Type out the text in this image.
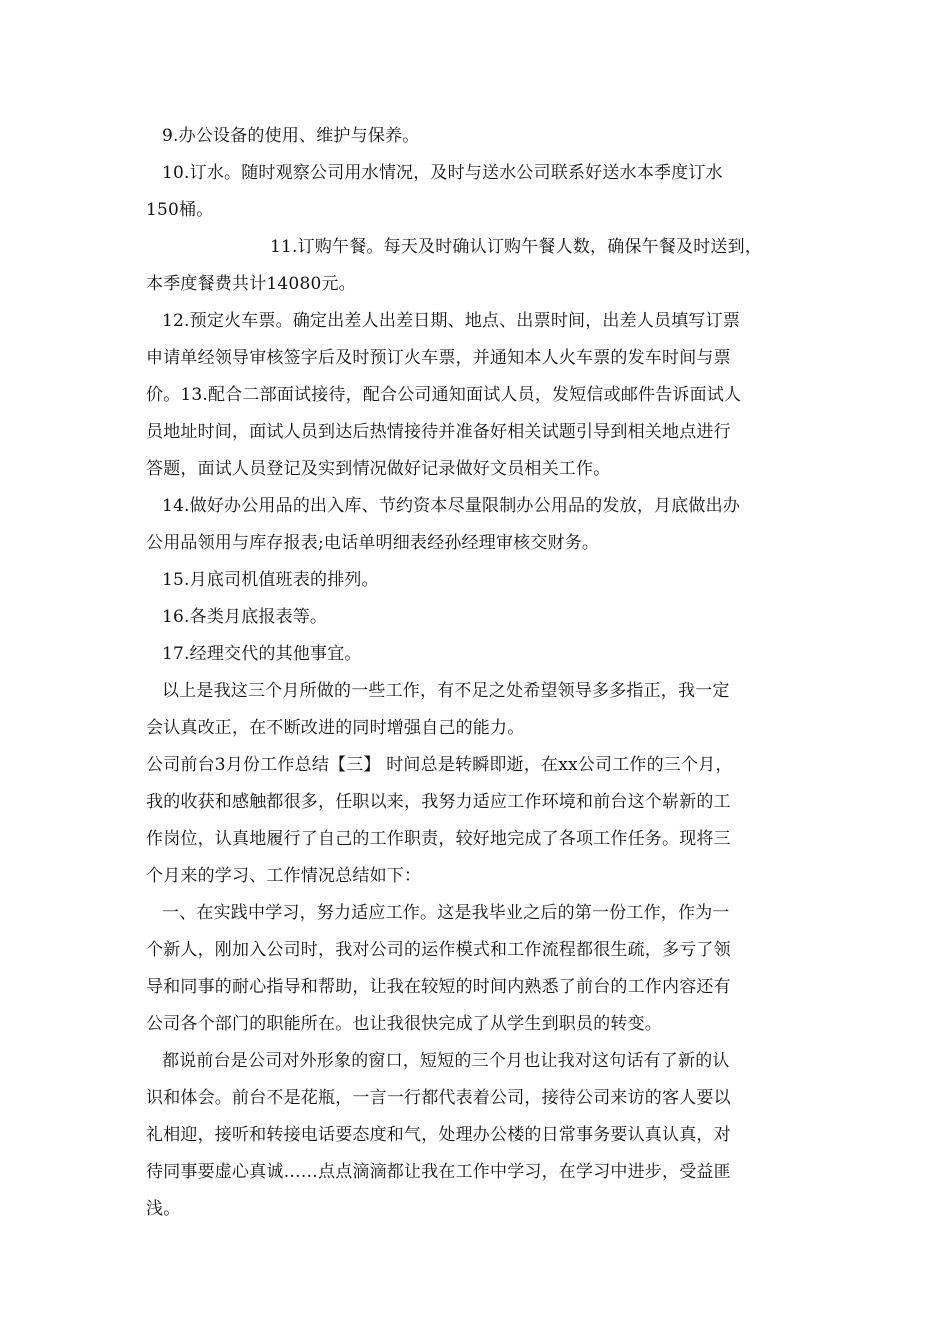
9.办公设备的使用、维护与保养。
10.订水。随时观察公司用水情况，及时与送水公司联系好送水本季度订水
150桶。
11.订购午餐。每天及时确认订购午餐人数，确保午餐及时送到，
本季度餐费共计14080元。
12.预定火车票。确定出差人出差日期、地点、出票时间，出差人员填写订票
申请单经领导审核签字后及时预订火车票，并通知本人火车票的发车时间与票
价。13.配合二部面试接待，配合公司通知面试人员，发短信或邮件告诉面试人
员地址时间，面试人员到达后热情接待并准备好相关试题引导到相关地点进行
答题，面试人员登记及实到情况做好记录做好文员相关工作。
14.做好办公用品的出入库、节约资本尽量限制办公用品的发放，月底做出办
公用品领用与库存报表;电话单明细表经孙经理审核交财务。
15.月底司机值班表的排列。
16.各类月底报表等。
17.经理交代的其他事宜。
以上是我这三个月所做的一些工作，有不足之处希望领导多多指正，我一定
会认真改正，在不断改进的同时增强自己的能力。
公司前台3月份工作总结【三】 时间总是转瞬即逝，在xx公司工作的三个月，
我的收获和感触都很多，任职以来，我努力适应工作环境和前台这个崭新的工
作岗位，认真地履行了自己的工作职责，较好地完成了各项工作任务。现将三
个月来的学习、工作情况总结如下：
一、在实践中学习，努力适应工作。这是我毕业之后的第一份工作，作为一
个新人，刚加入公司时，我对公司的运作模式和工作流程都很生疏，多亏了领
导和同事的耐心指导和帮助，让我在较短的时间内熟悉了前台的工作内容还有
公司各个部门的职能所在。也让我很快完成了从学生到职员的转变。
都说前台是公司对外形象的窗口，短短的三个月也让我对这句话有了新的认
识和体会。前台不是花瓶，一言一行都代表着公司，接待公司来访的客人要以
礼相迎，接听和转接电话要态度和气，处理办公楼的日常事务要认真认真，对
待同事要虚心真诚……点点滴滴都让我在工作中学习，在学习中进步，受益匪
浅。
